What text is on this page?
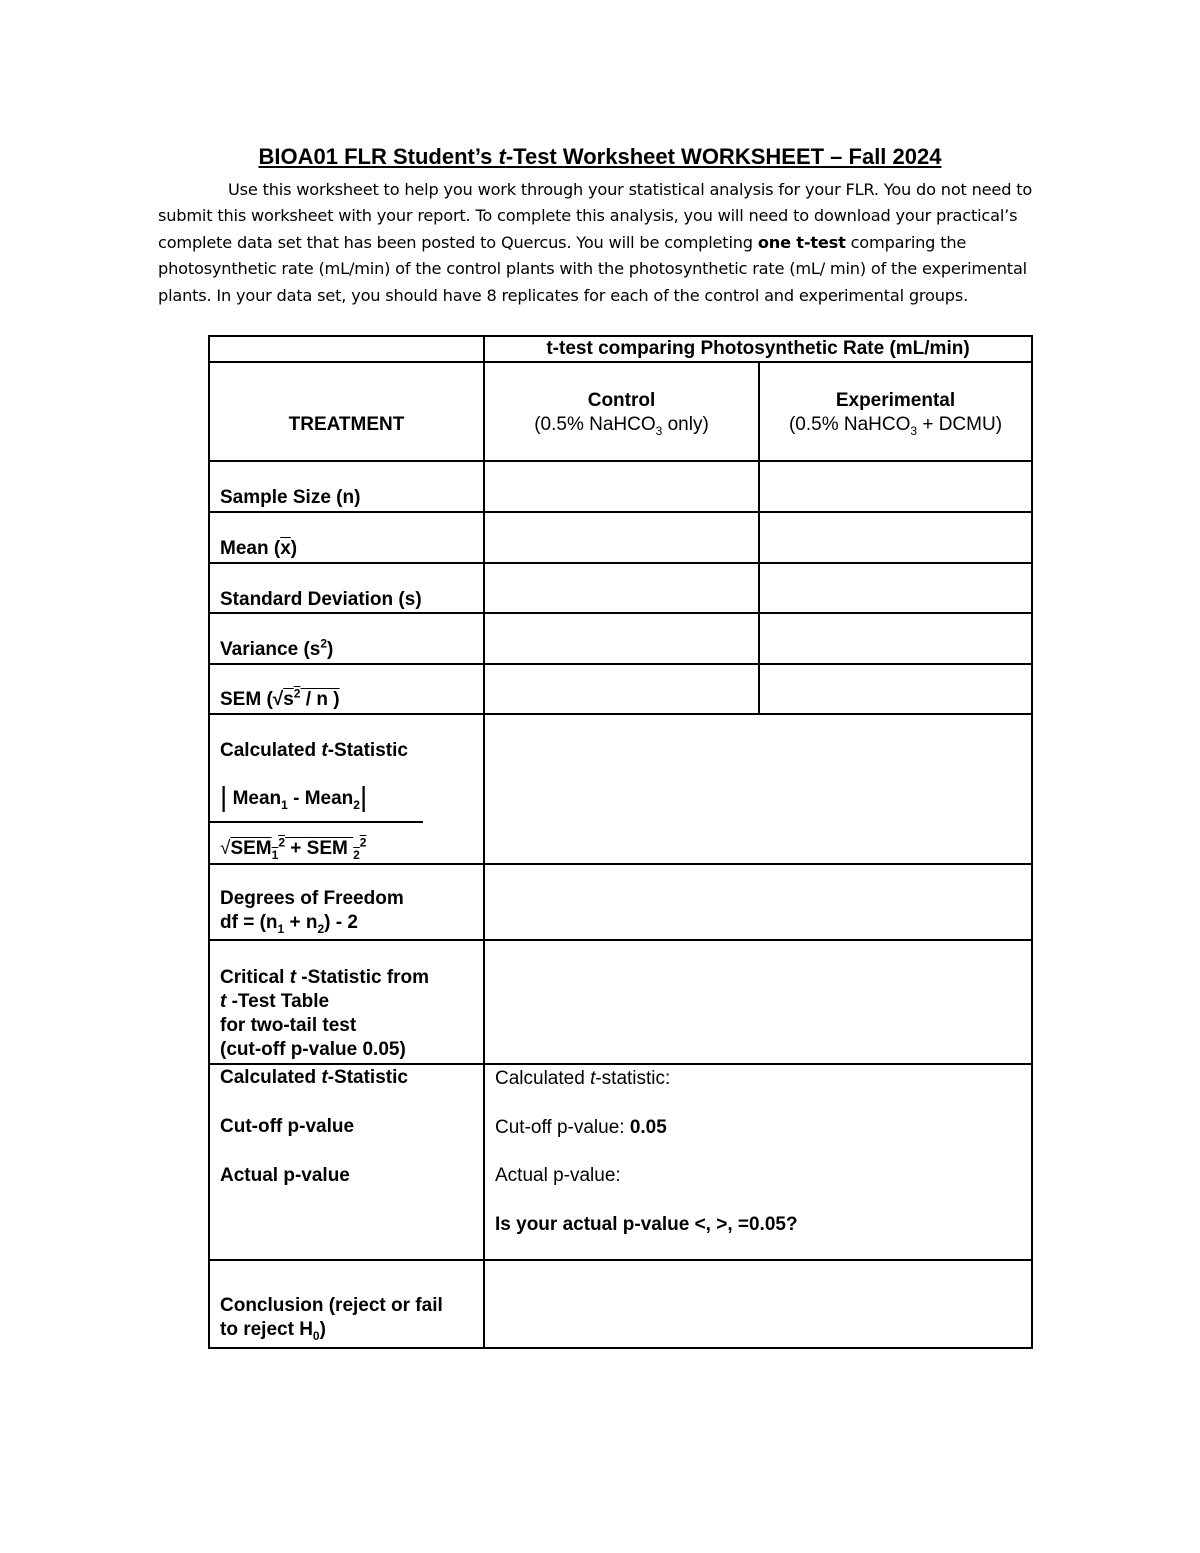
BIOA01 FLR Student’s t-Test Worksheet WORKSHEET – Fall 2024

Use this worksheet to help you work through your statistical analysis for your FLR. You do not need to submit this worksheet with your report. To complete this analysis, you will need to download your practical’s complete data set that has been posted to Quercus. You will be completing one t-test comparing the photosynthetic rate (mL/min) of the control plants with the photosynthetic rate (mL/ min) of the experimental plants. In your data set, you should have 8 replicates for each of the control and experimental groups.

t-test comparing Photosynthetic Rate (mL/min)
TREATMENT
Control
(0.5% NaHCO$_3$ only)
Experimental
(0.5% NaHCO$_3$ + DCMU)
Sample Size (n)
Mean $(\overline{x})$
Standard Deviation (s)
Variance $(s^2)$
SEM ($√s^2$ / n )
Calculated t-Statistic
| Mean$_1$ - Mean$_2$|
$√SEM_1^2$ + SEM $_2^2$
Degrees of Freedom
df = $(n_1 + n_2) - 2$
Critical t -Statistic from
t -Test Table
for two-tail test
(cut-off p-value 0.05)
Calculated t-Statistic
Cut-off p-value
Actual p-value
Calculated t-statistic:
Cut-off p-value: 0.05
Actual p-value:
Is your actual p-value <, >, =0.05?
Conclusion (reject or fail
to reject $H_0$)
